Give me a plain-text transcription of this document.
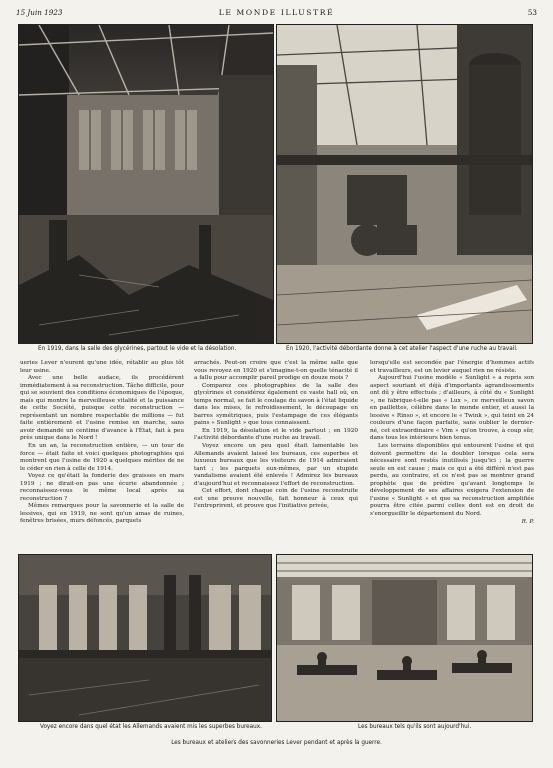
15 Juin 1923	LE MONDE ILLUSTRÉ	53
En 1919, dans la salle des glycérines, partout le vide et la désolation.	En 1920, l'activité débordante donne à cet atelier l'aspect d'une ruche au travail.

ueries Lever n'eurent qu'une idée, rétablir au plus tôt leur usine.

Avec une belle audace, ils procédèrent immédiatement à sa reconstruction. Tâche difficile, pour qui se souvient des conditions économiques de l'époque, mais qui montre la merveilleuse vitalité et la puissance de cette Société, puisque cette reconstruction — représentant un nombre respectable de millions — fut faite entièrement et l'usine remise en marche, sans avoir demandé un centime d'avance à l'État, fait à peu près unique dans le Nord !

En un an, la reconstruction entière, — un tour de force — était faite et voici quelques photographies qui montrent que l'usine de 1920 a quelques mérites de ne le céder en rien à celle de 1914.

Voyez ce qu'était la fonderie des graisses en mars 1919 ; ne dirait-on pas une écurie abandonnée ; reconnaissez-vous le même local après sa reconstruction ?

Mêmes remarques pour la savonnerie et la salle de lessives, qui en 1919, ne sont qu'un amas de ruines, fenêtres brisées, murs défoncés, parquets

arrachés. Peut-on croire que c'est la même salle que vous revoyez en 1920 et s'imagine-t-on quelle ténacité il a fallu pour accomplir pareil prodige en douze mois ?

Comparez ces photographies de la salle des glycérines et considérez également ce vaste hall où, en temps normal, se fait le coulage du savon à l'état liquide dans les mises, le refroidissement, le découpage en barres symétriques, puis l'estampage de ces élégants pains « Sunlight » que tous connaissent.

En 1919, la désolation et le vide partout ; en 1920 l'activité débordante d'une ruche au travail.

Voyez encore un peu quel était lamentable les Allemands avaient laissé les bureaux, ces superbes et luxueux bureaux que les visiteurs de 1914 admiraient tant ; les parquets eux-mêmes, par un stupide vandalisme avaient été enlevés ! Admirez les bureaux d'aujourd'hui et reconnaissez l'effort de reconstruction.

Cet effort, dont chaque coin de l'usine reconstruite est une preuve nouvelle, fait honneur à ceux qui l'entreprirent, et prouve que l'initiative privée,

lorsqu'elle est secondée par l'énergie d'hommes actifs et travailleurs, est un levier auquel rien ne résiste.

Aujourd'hui l'usine modèle « Sunlight » a repris son aspect souriant et déjà d'importants agrandissements ont dû y être effectués ; d'ailleurs, à côté du « Sunlight », ne fabrique-t-elle pas « Lux », ce merveilleux savon en paillettes, célèbre dans le monde entier, et aussi la lessive « Rinso », et encore le « Twink », qui teint en 24 couleurs d'une façon parfaite, sans oublier le dernier-né, cet extraordinaire « Vim » qu'on trouve, à coup sûr, dans tous les intérieurs bien tenus.

Les terrains disponibles qui entourent l'usine et qui doivent permettre de la doubler lorsque cela sera nécessaire sont restés inutilisés jusqu'ici ; la guerre seule en est cause ; mais ce qui a été différé n'est pas perdu, au contraire, et ce n'est pas se montrer grand prophète que de prédire qu'avant longtemps le développement de ses affaires exigera l'extension de l'usine « Sunlight » et que sa reconstruction amplifiée pourra être citée parmi celles dont est en droit de s'enorgueillir le département du Nord.

R. P.
Voyez encore dans quel état les Allemands avaient mis les superbes bureaux.	Les bureaux tels qu'ils sont aujourd'hui.
Les bureaux et ateliers des savonneries Lever pendant et après la guerre.
